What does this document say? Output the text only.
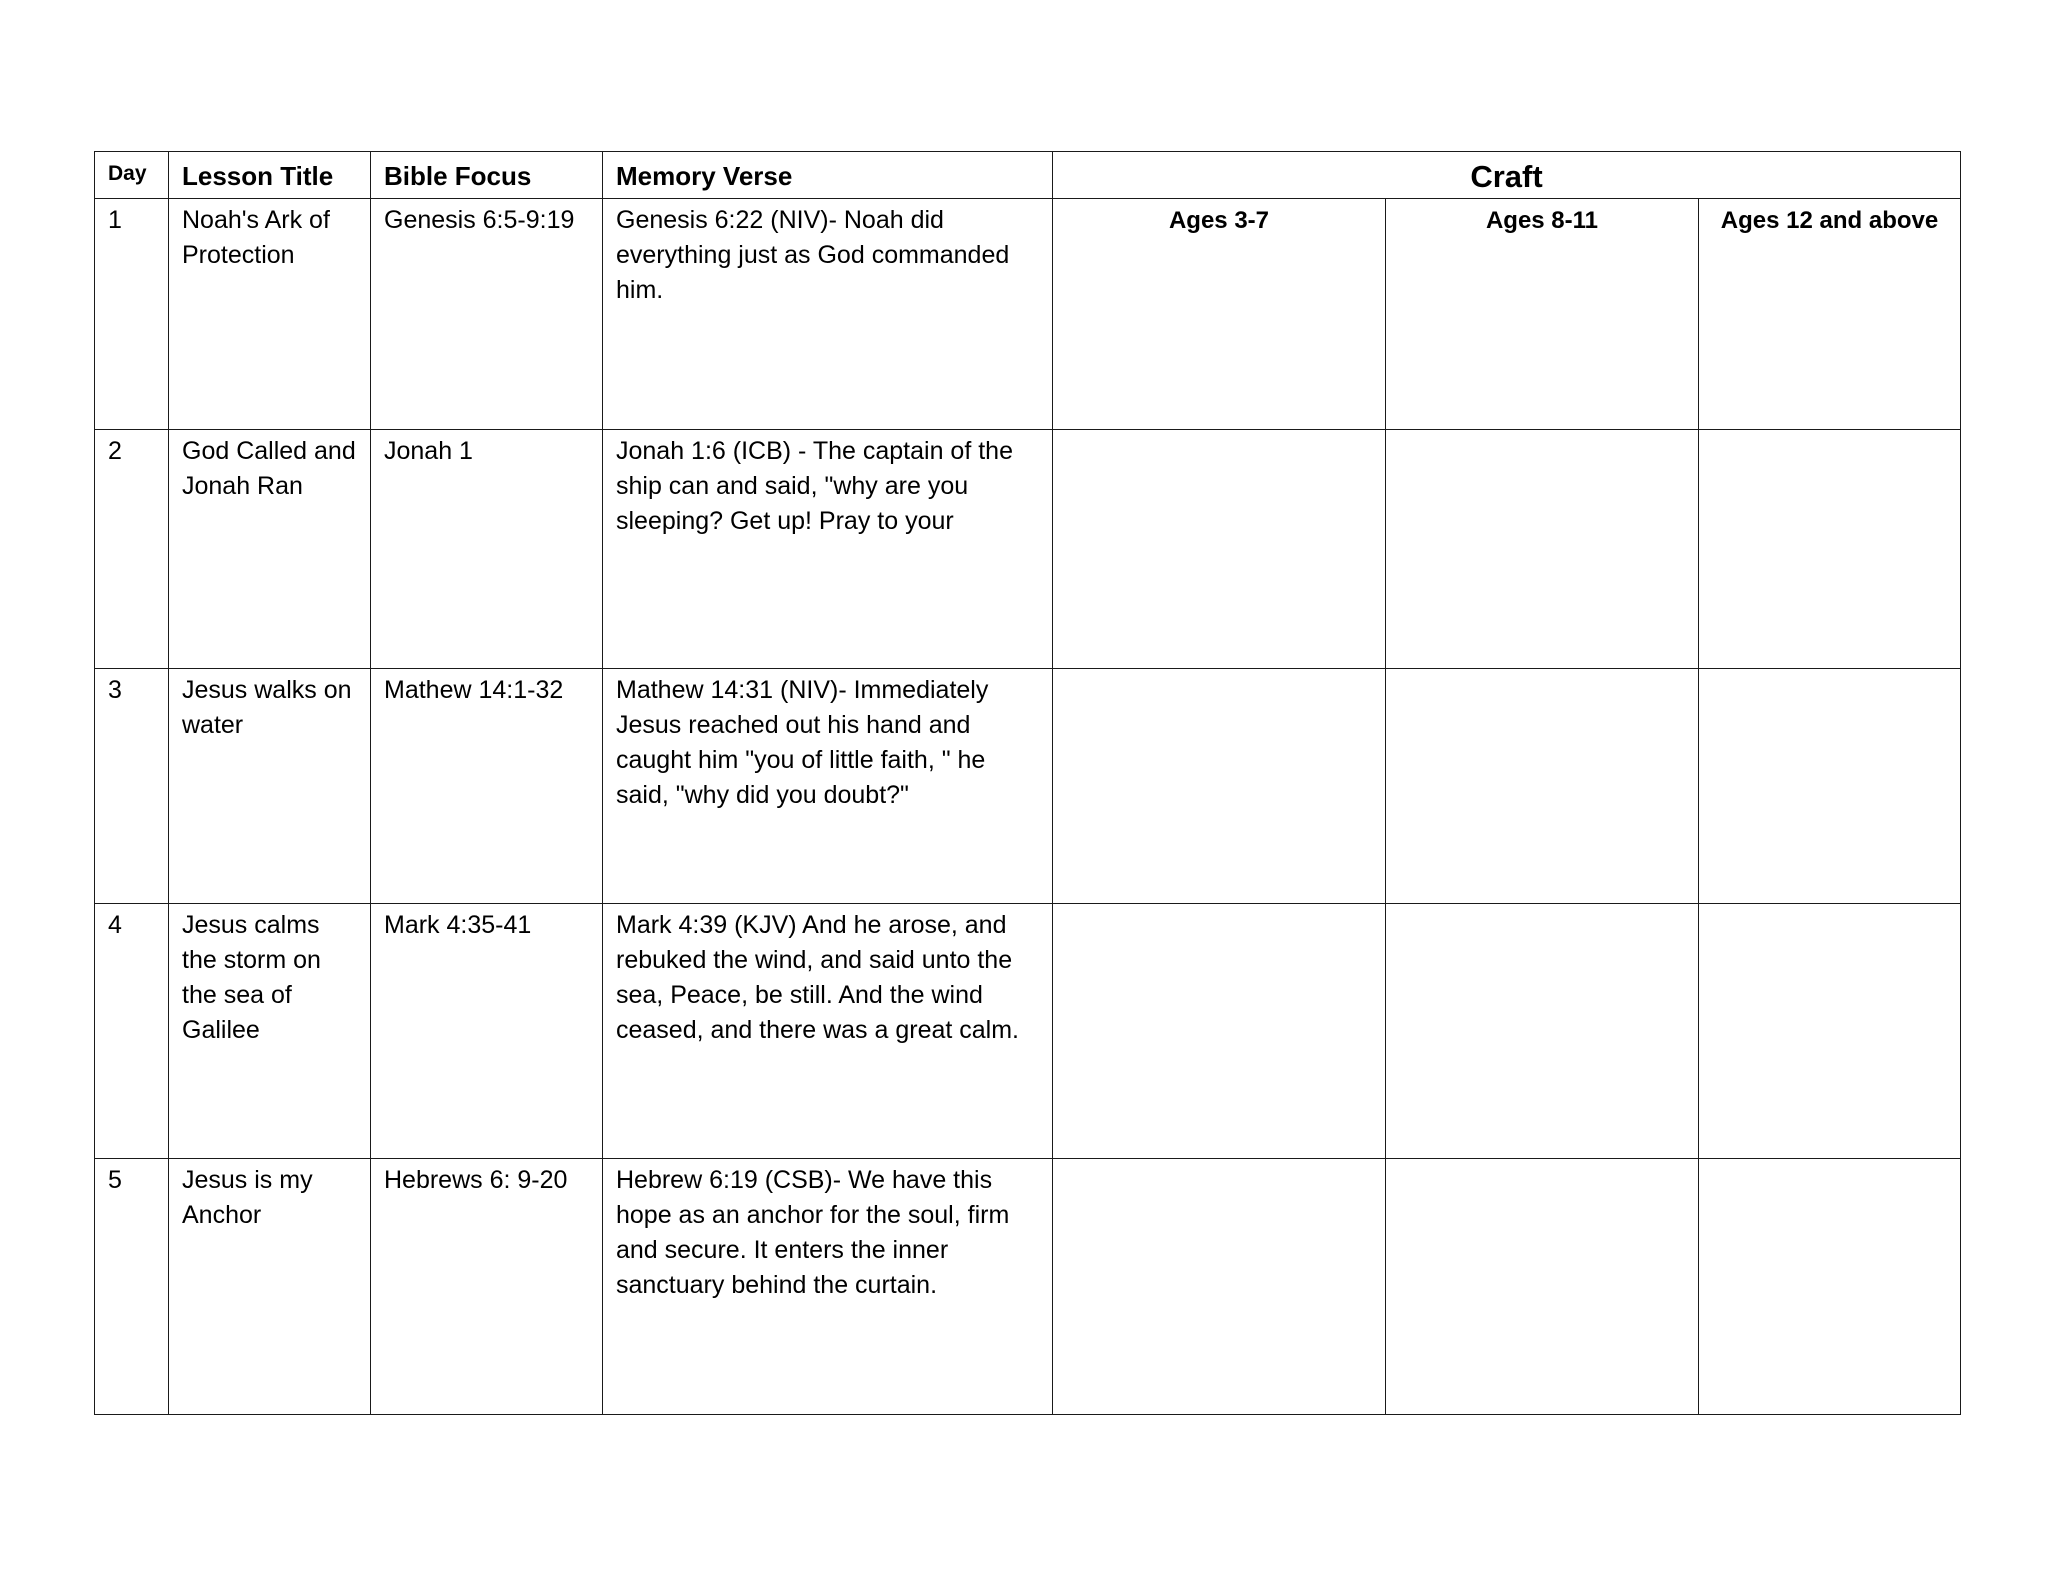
Day	Lesson Title	Bible Focus	Memory Verse	Craft		
1	Noah's Ark of Protection	Genesis 6:5-9:19	Genesis 6:22 (NIV)- Noah did everything just as God commanded him.	Ages 3-7	Ages 8-11	Ages 12 and above
2	God Called and Jonah Ran	Jonah 1	Jonah 1:6 (ICB) - The captain of the ship can and said, "why are you sleeping? Get up! Pray to your			
3	Jesus walks on water	Mathew 14:1-32	Mathew 14:31 (NIV)- Immediately Jesus reached out his hand and caught him "you of little faith, " he said, "why did you doubt?"			
4	Jesus calms the storm on the sea of Galilee	Mark 4:35-41	Mark 4:39 (KJV) And he arose, and rebuked the wind, and said unto the sea, Peace, be still. And the wind ceased, and there was a great calm.			
5	Jesus is my Anchor	Hebrews 6: 9-20	Hebrew 6:19 (CSB)- We have this hope as an anchor for the soul, firm and secure. It enters the inner sanctuary behind the curtain.			
